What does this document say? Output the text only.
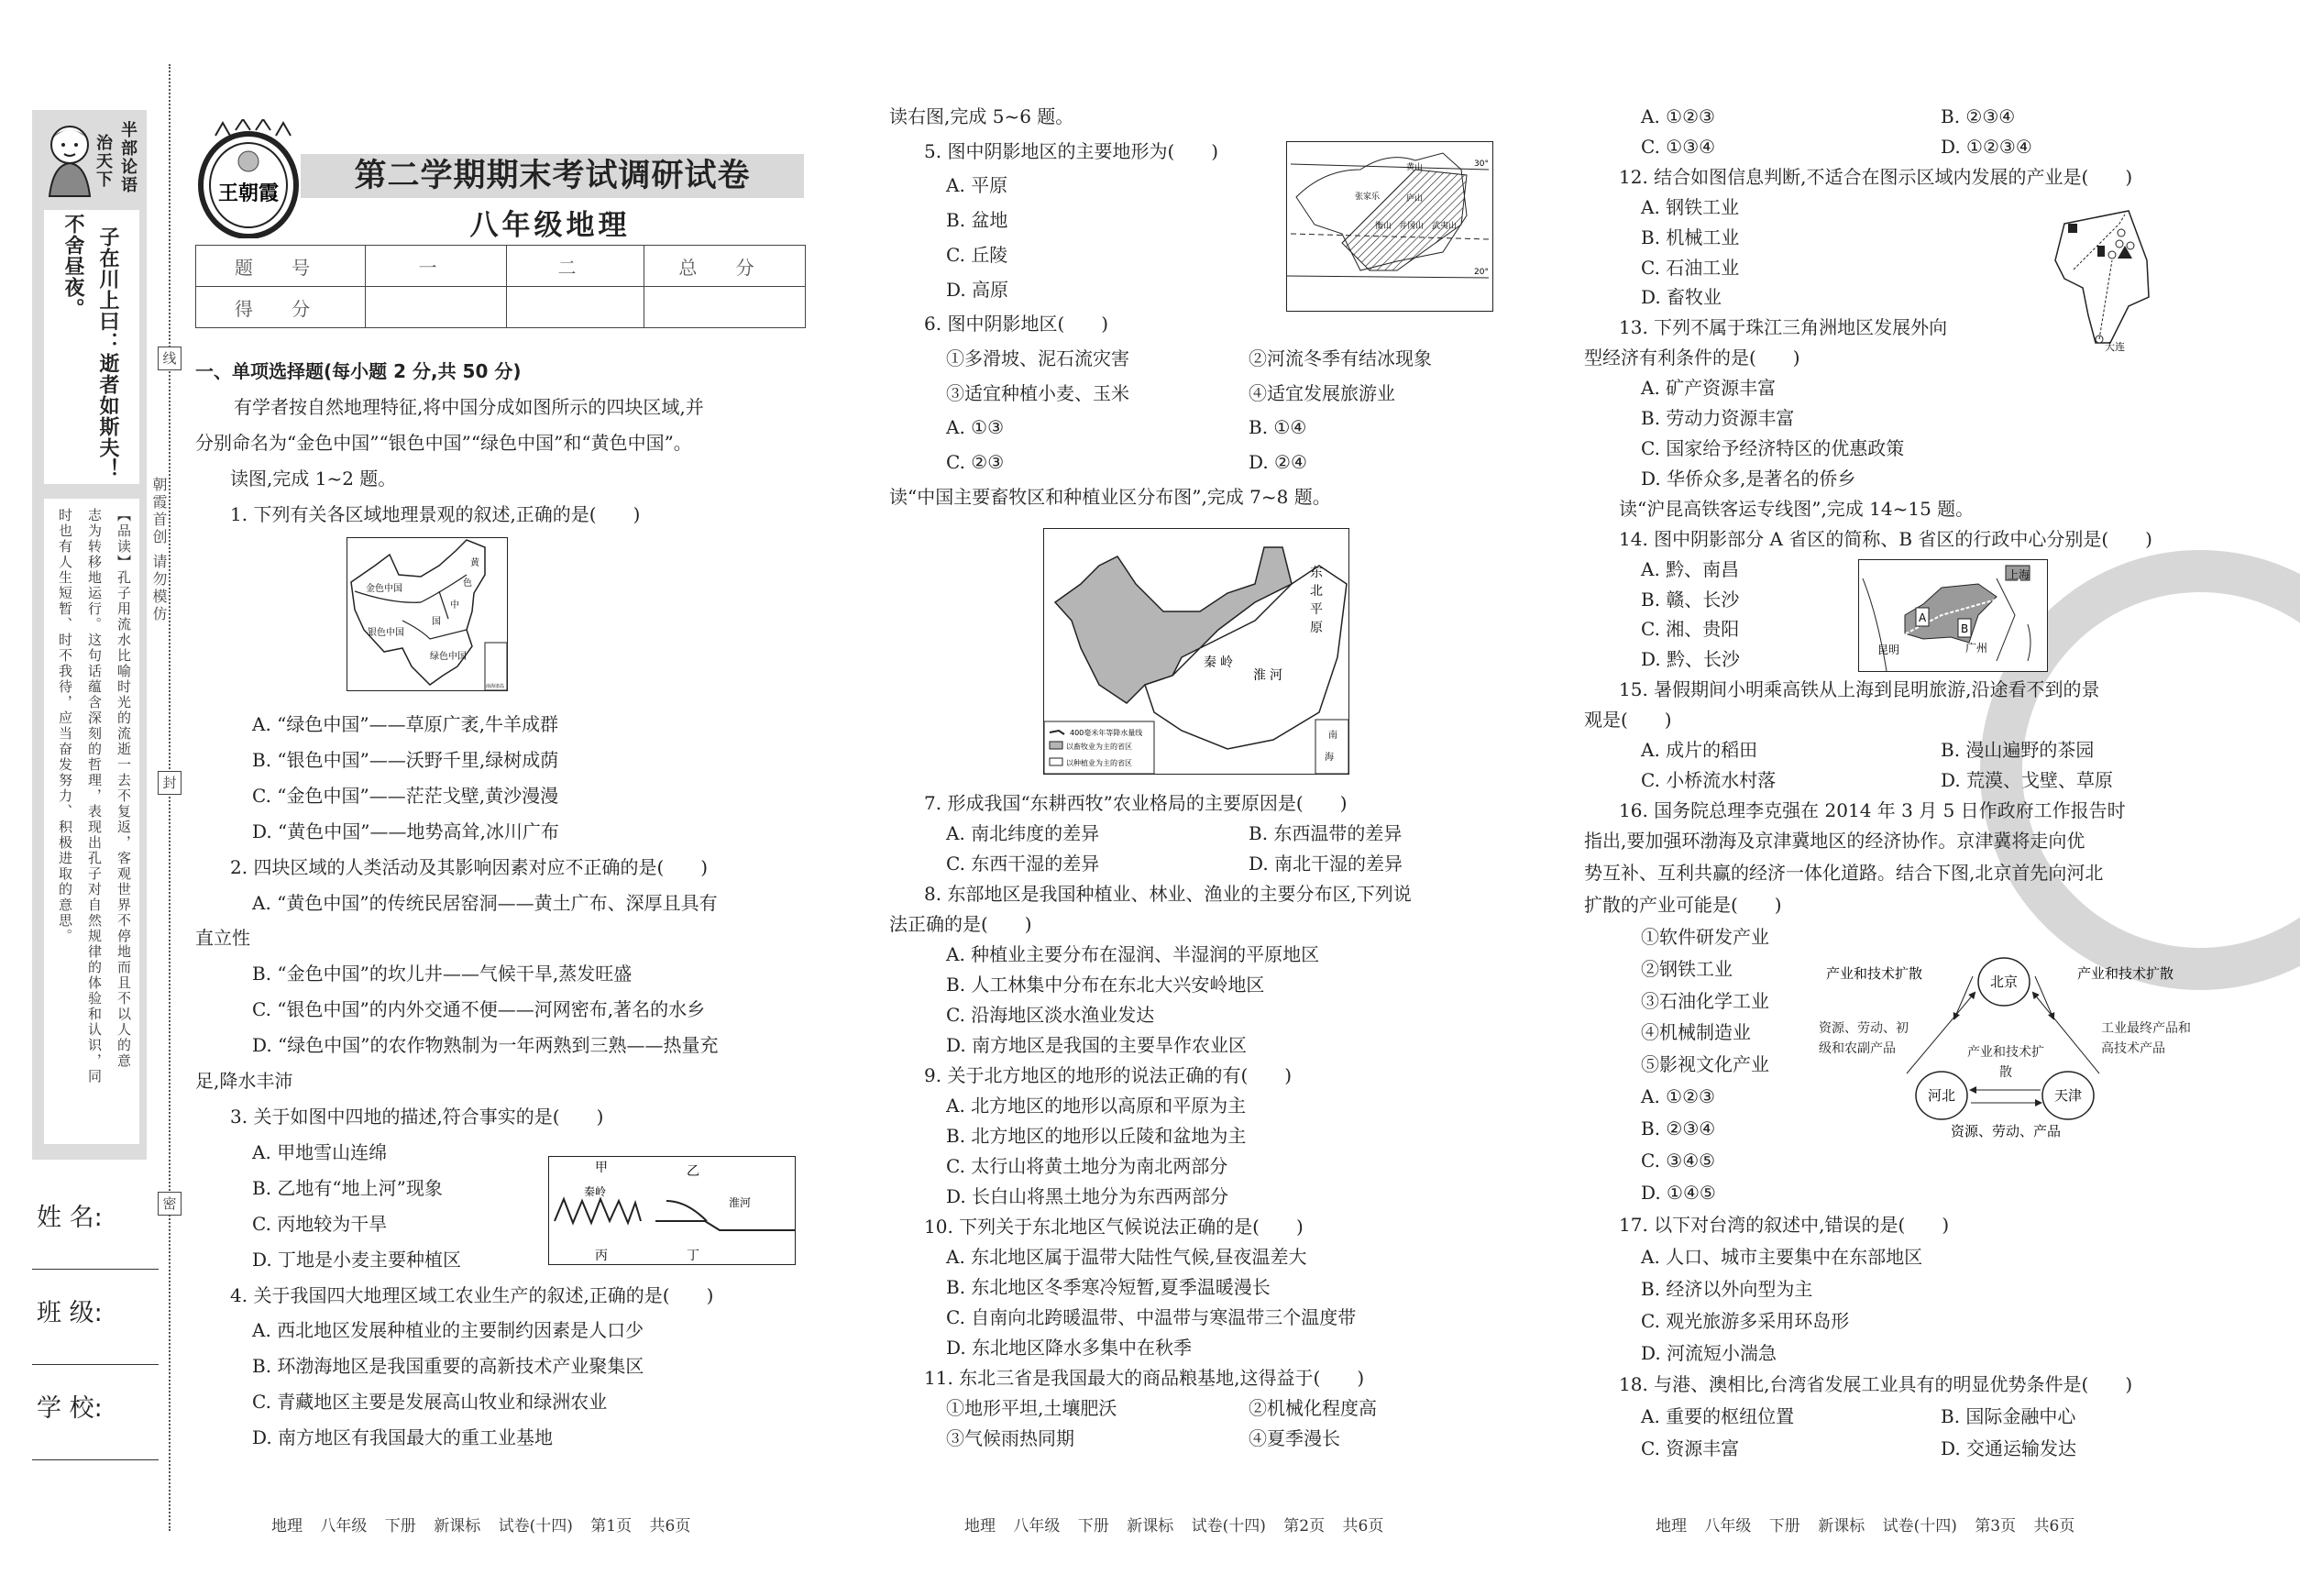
半部论语
治天下
子在川上曰：逝者如斯夫！
不舍昼夜。
【品读】孔子用流水比喻时光的流逝一去不复返，客观世界不停地而且不以人的意
志为转移地运行。这句话蕴含深刻的哲理，表现出孔子对自然规律的体验和认识，同
时也有人生短暂、时不我待，应当奋发努力、积极进取的意思。
线
封
密
朝霞首创 请勿模仿
姓 名:
班 级:
学 校:
王朝霞	第二学期期末考试调研试卷
八年级地理
题 号	一	二	总 分
得 分			
一、单项选择题(每小题 2 分,共 50 分)
有学者按自然地理特征,将中国分成如图所示的四块区域,并
分别命名为“金色中国”“银色中国”“绿色中国”和“黄色中国”。
读图,完成 1~2 题。
1. 下列有关各区域地理景观的叙述,正确的是(　　)
A. “绿色中国”——草原广袤,牛羊成群
B. “银色中国”——沃野千里,绿树成荫
C. “金色中国”——茫茫戈壁,黄沙漫漫
D. “黄色中国”——地势高耸,冰川广布
2. 四块区域的人类活动及其影响因素对应不正确的是(　　)
A. “黄色中国”的传统民居窑洞——黄土广布、深厚且具有
直立性
B. “金色中国”的坎儿井——气候干旱,蒸发旺盛
C. “银色中国”的内外交通不便——河网密布,著名的水乡
D. “绿色中国”的农作物熟制为一年两熟到三熟——热量充
足,降水丰沛
3. 关于如图中四地的描述,符合事实的是(　　)
A. 甲地雪山连绵
B. 乙地有“地上河”现象
C. 丙地较为干旱
D. 丁地是小麦主要种植区
4. 关于我国四大地理区域工农业生产的叙述,正确的是(　　)
A. 西北地区发展种植业的主要制约因素是人口少
B. 环渤海地区是我国重要的高新技术产业聚集区
C. 青藏地区主要是发展高山牧业和绿洲农业
D. 南方地区有我国最大的重工业基地
读右图,完成 5~6 题。
5. 图中阴影地区的主要地形为(　　)
A. 平原
B. 盆地
C. 丘陵
D. 高原
6. 图中阴影地区(　　)
①多滑坡、泥石流灾害	②河流冬季有结冰现象
③适宜种植小麦、玉米	④适宜发展旅游业
A. ①③	B. ①④
C. ②③	D. ②④
读“中国主要畜牧区和种植业区分布图”,完成 7~8 题。
7. 形成我国“东耕西牧”农业格局的主要原因是(　　)
A. 南北纬度的差异	B. 东西温带的差异
C. 东西干湿的差异	D. 南北干湿的差异
8. 东部地区是我国种植业、林业、渔业的主要分布区,下列说
法正确的是(　　)
A. 种植业主要分布在湿润、半湿润的平原地区
B. 人工林集中分布在东北大兴安岭地区
C. 沿海地区淡水渔业发达
D. 南方地区是我国的主要旱作农业区
9. 关于北方地区的地形的说法正确的有(　　)
A. 北方地区的地形以高原和平原为主
B. 北方地区的地形以丘陵和盆地为主
C. 太行山将黄土地分为南北两部分
D. 长白山将黑土地分为东西两部分
10. 下列关于东北地区气候说法正确的是(　　)
A. 东北地区属于温带大陆性气候,昼夜温差大
B. 东北地区冬季寒冷短暂,夏季温暖漫长
C. 自南向北跨暖温带、中温带与寒温带三个温度带
D. 东北地区降水多集中在秋季
11. 东北三省是我国最大的商品粮基地,这得益于(　　)
①地形平坦,土壤肥沃	②机械化程度高
③气候雨热同期	④夏季漫长
A. ①②③	B. ②③④
C. ①③④	D. ①②③④
12. 结合如图信息判断,不适合在图示区域内发展的产业是(　　)
A. 钢铁工业
B. 机械工业
C. 石油工业
D. 畜牧业
13. 下列不属于珠江三角洲地区发展外向
型经济有利条件的是(　　)
A. 矿产资源丰富
B. 劳动力资源丰富
C. 国家给予经济特区的优惠政策
D. 华侨众多,是著名的侨乡
读“沪昆高铁客运专线图”,完成 14~15 题。
14. 图中阴影部分 A 省区的简称、B 省区的行政中心分别是(　　)
A. 黔、南昌
B. 赣、长沙
C. 湘、贵阳
D. 黔、长沙
15. 暑假期间小明乘高铁从上海到昆明旅游,沿途看不到的景
观是(　　)
A. 成片的稻田	B. 漫山遍野的茶园
C. 小桥流水村落	D. 荒漠、戈壁、草原
16. 国务院总理李克强在 2014 年 3 月 5 日作政府工作报告时
指出,要加强环渤海及京津冀地区的经济协作。京津冀将走向优
势互补、互利共赢的经济一体化道路。结合下图,北京首先向河北
扩散的产业可能是(　　)
①软件研发产业
②钢铁工业
③石油化学工业
④机械制造业
⑤影视文化产业
A. ①②③
B. ②③④
C. ③④⑤
D. ①④⑤
17. 以下对台湾的叙述中,错误的是(　　)
A. 人口、城市主要集中在东部地区
B. 经济以外向型为主
C. 观光旅游多采用环岛形
D. 河流短小湍急
18. 与港、澳相比,台湾省发展工业具有的明显优势条件是(　　)
A. 重要的枢纽位置	B. 国际金融中心
C. 资源丰富	D. 交通运输发达
地理 八年级 下册 新课标 试卷(十四) 第1页 共6页	地理 八年级 下册 新课标 试卷(十四) 第2页 共6页	地理 八年级 下册 新课标 试卷(十四) 第3页 共6页
金色中国
银色中国
绿色中国
黄
色
中
国
南海诸岛
甲	乙
丙	丁
秦岭
淮河
黄山
张家乐	庐山
衡山 井冈山 武夷山
30°
20°
东
北
平
原
秦 岭
淮 河
南
海
400毫米年等降水量线
以畜牧业为主的省区
以种植业为主的省区
大连
A
B
上海
昆明	广州
北京
河北	天津
产业和技术扩散	产业和技术扩散
资源、劳动、初级和农副产品
工业最终产品和高技术产品
产业和技术扩散
资源、劳动、产品
